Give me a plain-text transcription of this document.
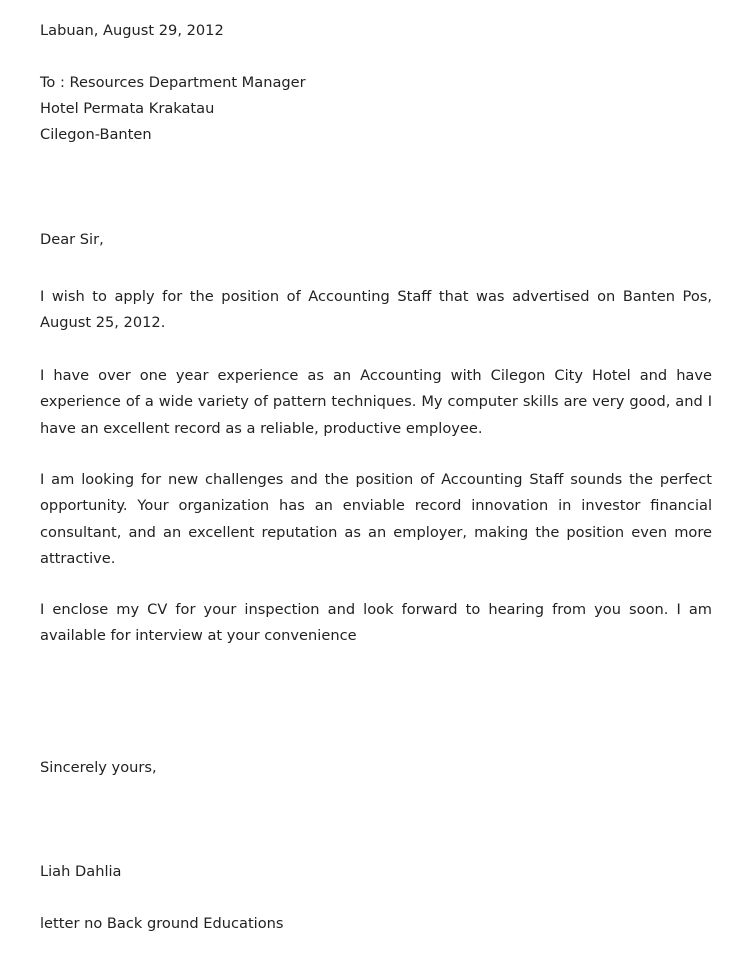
Labuan, August 29, 2012
To : Resources Department Manager
Hotel Permata Krakatau
Cilegon-Banten
Dear Sir,
I wish to apply for the position of Accounting Staff that was advertised on Banten Pos, August 25, 2012.
I have over one year experience as an Accounting with Cilegon City Hotel and have experience of a wide variety of pattern techniques. My computer skills are very good, and I have an excellent record as a reliable, productive employee.
I am looking for new challenges and the position of Accounting Staff sounds the perfect opportunity. Your organization has an enviable record innovation in investor financial consultant, and an excellent reputation as an employer, making the position even more attractive.
I enclose my CV for your inspection and look forward to hearing from you soon. I am available for interview at your convenience
Sincerely yours,
Liah Dahlia
letter no Back ground Educations
